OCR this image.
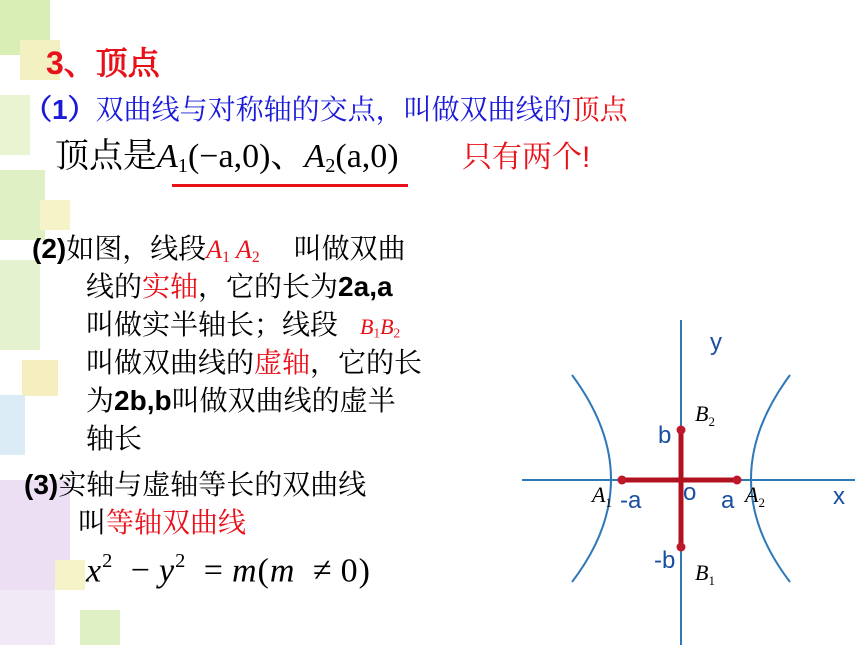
3、顶点
（1）双曲线与对称轴的交点，叫做双曲线的顶点
顶点是$A_1(-a,0)$、$A_2(a,0)$ 只有两个!
(2)如图，线段$A_1$ $A_2$ 叫做双曲
线的实轴，它的长为2a,a
叫做实半轴长；线段 $B_1B_2$
叫做双曲线的虚轴，它的长
为2b,b叫做双曲线的虚半
轴长
(3)实轴与虚轴等长的双曲线
叫等轴双曲线
$x^2 - y^2 = m(m \ne 0)$
y
x
o
-a	a
b
-b
$A_1$	$A_2$
$B_2$
$B_1$
